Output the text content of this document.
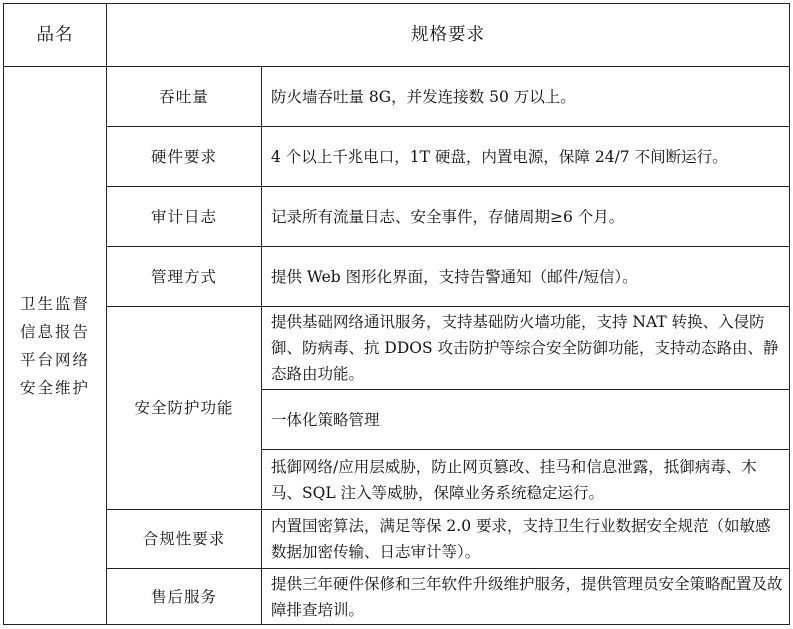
品名	规格要求	

卫生监督
信息报告
平台网络
安全维护	吞吐量	防火墙吞吐量 8G，并发连接数 50 万以上。
	硬件要求	4 个以上千兆电口，1T 硬盘，内置电源，保障 24/7 不间断运行。
	审计日志	记录所有流量日志、安全事件，存储周期≥6 个月。
	管理方式	提供 Web 图形化界面，支持告警通知（邮件/短信）。
	安全防护功能	提供基础网络通讯服务，支持基础防火墙功能，支持 NAT 转换、入侵防御、防病毒、抗 DDOS 攻击防护等综合安全防御功能，支持动态路由、静态路由功能。
		一体化策略管理
		抵御网络/应用层威胁，防止网页篡改、挂马和信息泄露，抵御病毒、木马、SQL 注入等威胁，保障业务系统稳定运行。
	合规性要求	内置国密算法，满足等保 2.0 要求，支持卫生行业数据安全规范（如敏感数据加密传输、日志审计等）。
	售后服务	提供三年硬件保修和三年软件升级维护服务，提供管理员安全策略配置及故障排查培训。
